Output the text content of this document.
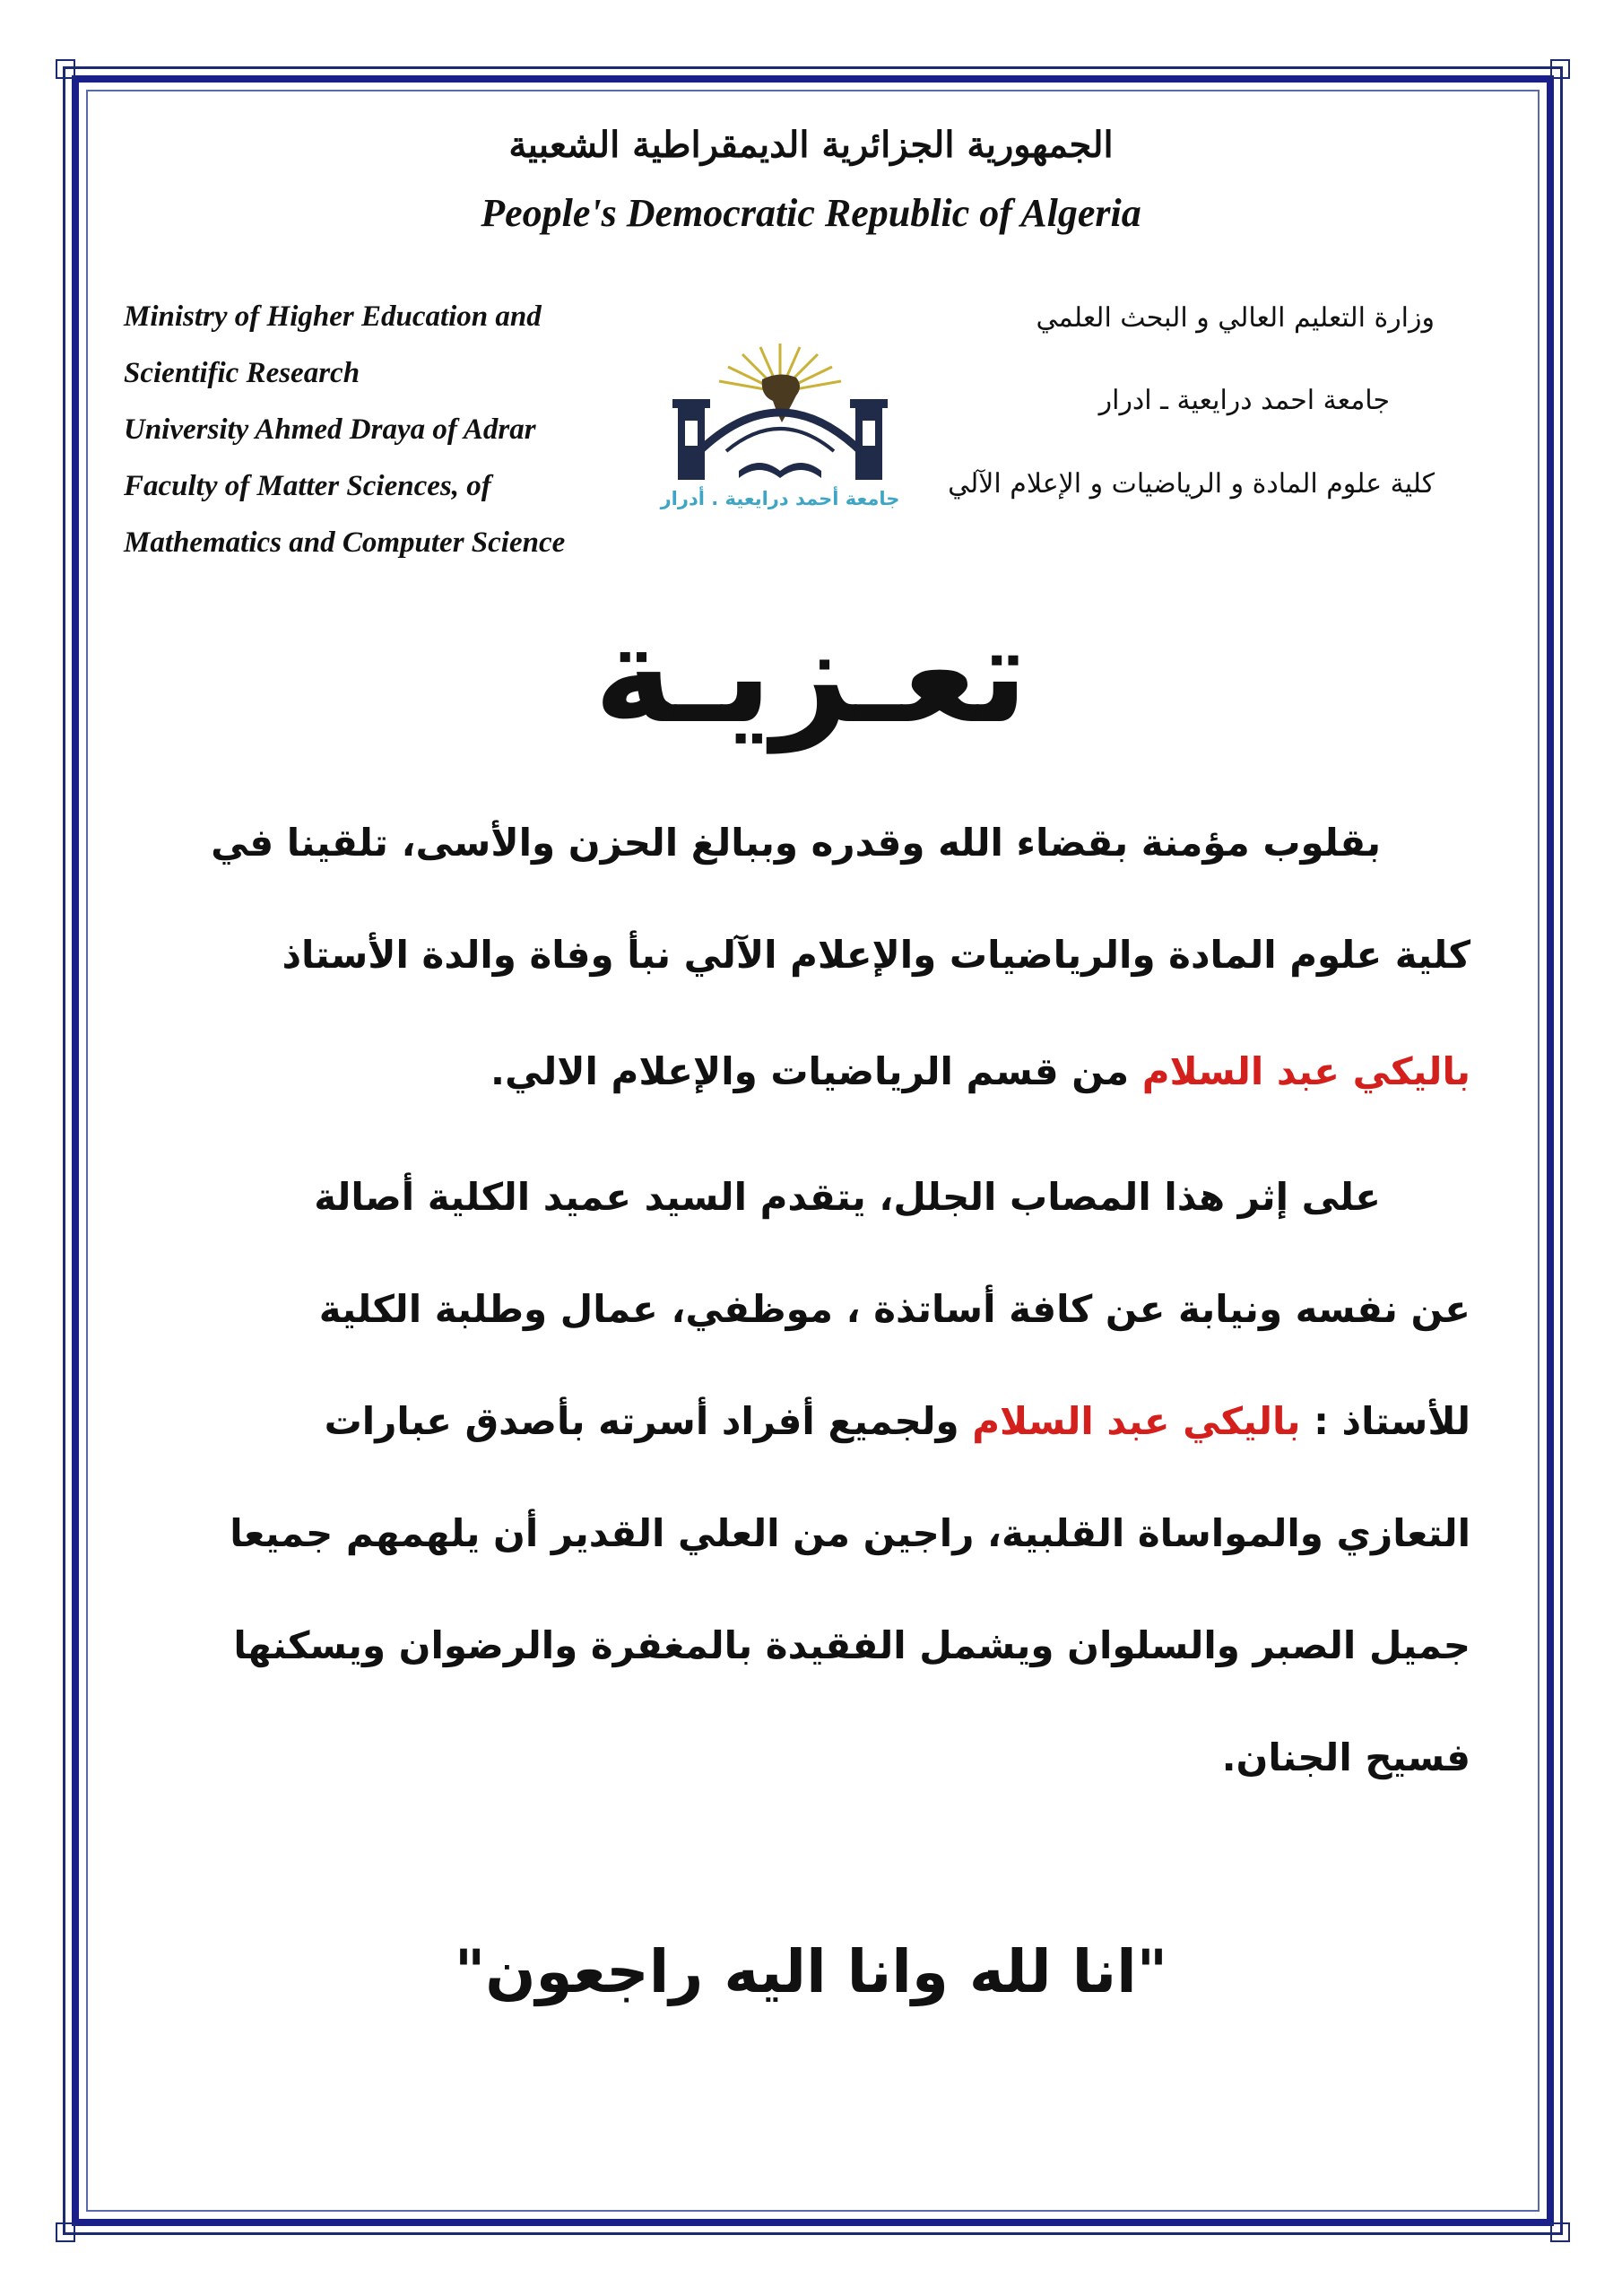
الجمهورية الجزائرية الديمقراطية الشعبية
People's Democratic Republic of Algeria
Ministry of Higher Education and
Scientific Research
University Ahmed Draya of Adrar
Faculty of Matter Sciences, of
Mathematics and Computer Science
وزارة التعليم العالي و البحث العلمي
جامعة احمد درايعية ـ ادرار
كلية علوم المادة و الرياضيات و الإعلام الآلي
جامعة أحمد درايعية . أدرار
تعـزيـة
بقلوب مؤمنة بقضاء الله وقدره وببالغ الحزن والأسى، تلقينا في
كلية علوم المادة والرياضيات والإعلام الآلي نبأ وفاة والدة الأستاذ
باليكي عبد السلام من قسم الرياضيات والإعلام الالي.
على إثر هذا المصاب الجلل، يتقدم السيد عميد الكلية أصالة
عن نفسه ونيابة عن كافة أساتذة ، موظفي، عمال وطلبة الكلية
للأستاذ : باليكي عبد السلام ولجميع أفراد أسرته بأصدق عبارات
التعازي والمواساة القلبية، راجين من العلي القدير أن يلهمهم جميعا
جميل الصبر والسلوان ويشمل الفقيدة بالمغفرة والرضوان ويسكنها
فسيح الجنان.
"انا لله وانا اليه راجعون"
